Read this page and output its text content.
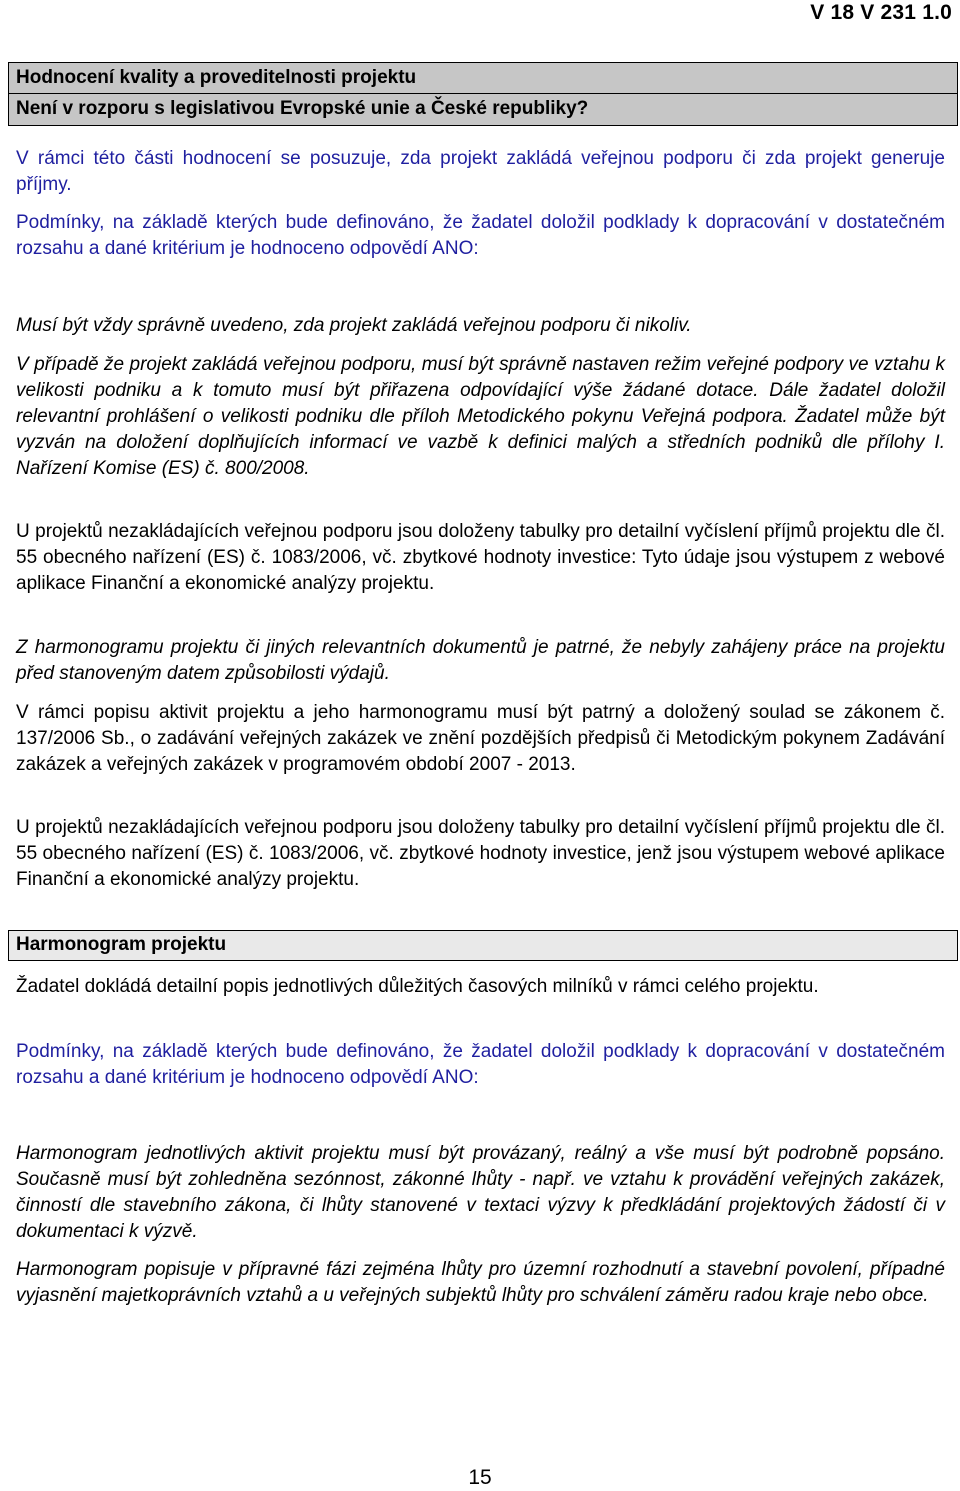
V 18 V 231 1.0
Hodnocení kvality a proveditelnosti projektu
Není v rozporu s legislativou Evropské unie a České republiky?
V rámci této části hodnocení se posuzuje, zda projekt zakládá veřejnou podporu či zda projekt generuje příjmy.
Podmínky, na základě kterých bude definováno, že žadatel doložil podklady k dopracování v dostatečném rozsahu a dané kritérium je hodnoceno odpovědí ANO:
Musí být vždy správně uvedeno, zda projekt zakládá veřejnou podporu či nikoliv.
V případě že projekt zakládá veřejnou podporu, musí být správně nastaven režim veřejné podpory ve vztahu k velikosti podniku a k tomuto musí být přiřazena odpovídající výše žádané dotace. Dále žadatel doložil relevantní prohlášení o velikosti podniku dle příloh Metodického pokynu Veřejná podpora. Žadatel může být vyzván na doložení doplňujících informací ve vazbě k definici malých a středních podniků dle přílohy I. Nařízení Komise (ES) č. 800/2008.
U projektů nezakládajících veřejnou podporu jsou doloženy tabulky pro detailní vyčíslení příjmů projektu dle čl. 55 obecného nařízení (ES) č. 1083/2006, vč. zbytkové hodnoty investice: Tyto údaje jsou výstupem z webové aplikace Finanční a ekonomické analýzy projektu.
Z harmonogramu projektu či jiných relevantních dokumentů je patrné, že nebyly zahájeny práce na projektu před stanoveným datem způsobilosti výdajů.
V rámci popisu aktivit projektu a jeho harmonogramu musí být patrný a doložený soulad se zákonem č. 137/2006 Sb., o zadávání veřejných zakázek ve znění pozdějších předpisů či Metodickým pokynem Zadávání zakázek a veřejných zakázek v programovém období 2007 - 2013.
U projektů nezakládajících veřejnou podporu jsou doloženy tabulky pro detailní vyčíslení příjmů projektu dle čl. 55 obecného nařízení (ES) č. 1083/2006, vč. zbytkové hodnoty investice, jenž jsou výstupem webové aplikace Finanční a ekonomické analýzy projektu.
Harmonogram projektu
Žadatel dokládá detailní popis jednotlivých důležitých časových milníků v rámci celého projektu.
Podmínky, na základě kterých bude definováno, že žadatel doložil podklady k dopracování v dostatečném rozsahu a dané kritérium je hodnoceno odpovědí ANO:
Harmonogram jednotlivých aktivit projektu musí být provázaný, reálný a vše musí být podrobně popsáno. Současně musí být zohledněna sezónnost, zákonné lhůty - např. ve vztahu k provádění veřejných zakázek, činností dle stavebního zákona, či lhůty stanovené v textaci výzvy k předkládání projektových žádostí či v dokumentaci k výzvě.
Harmonogram popisuje v přípravné fázi zejména lhůty pro územní rozhodnutí a stavební povolení, případné vyjasnění majetkoprávních vztahů a u veřejných subjektů lhůty pro schválení záměru radou kraje nebo obce.
15
